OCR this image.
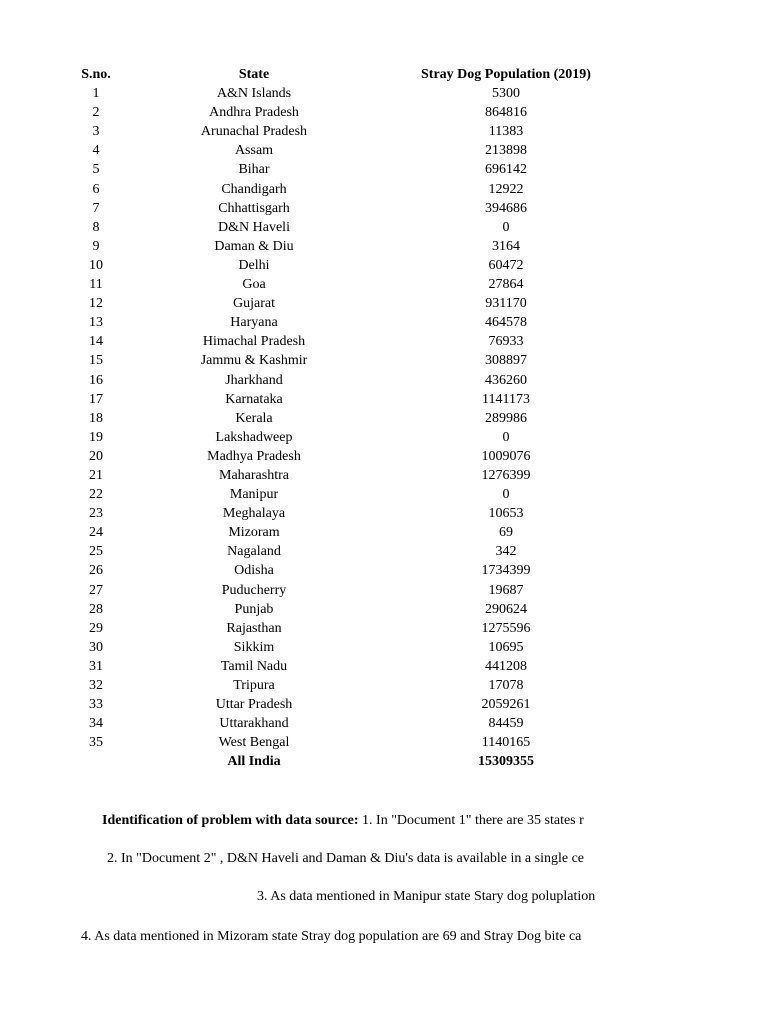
S.no.	State	Stray Dog Population (2019)
1	A&N Islands	5300
2	Andhra Pradesh	864816
3	Arunachal Pradesh	11383
4	Assam	213898
5	Bihar	696142
6	Chandigarh	12922
7	Chhattisgarh	394686
8	D&N Haveli	0
9	Daman & Diu	3164
10	Delhi	60472
11	Goa	27864
12	Gujarat	931170
13	Haryana	464578
14	Himachal Pradesh	76933
15	Jammu & Kashmir	308897
16	Jharkhand	436260
17	Karnataka	1141173
18	Kerala	289986
19	Lakshadweep	0
20	Madhya Pradesh	1009076
21	Maharashtra	1276399
22	Manipur	0
23	Meghalaya	10653
24	Mizoram	69
25	Nagaland	342
26	Odisha	1734399
27	Puducherry	19687
28	Punjab	290624
29	Rajasthan	1275596
30	Sikkim	10695
31	Tamil Nadu	441208
32	Tripura	17078
33	Uttar Pradesh	2059261
34	Uttarakhand	84459
35	West Bengal	1140165
	All India	15309355
Identification of problem with data source: 1. In "Document 1" there are 35 states r
2. In "Document 2" , D&N Haveli and Daman & Diu's data is available in a single ce
3. As data mentioned in Manipur state Stary dog poluplation
4. As data mentioned in Mizoram state Stray dog population are 69 and Stray Dog bite ca
